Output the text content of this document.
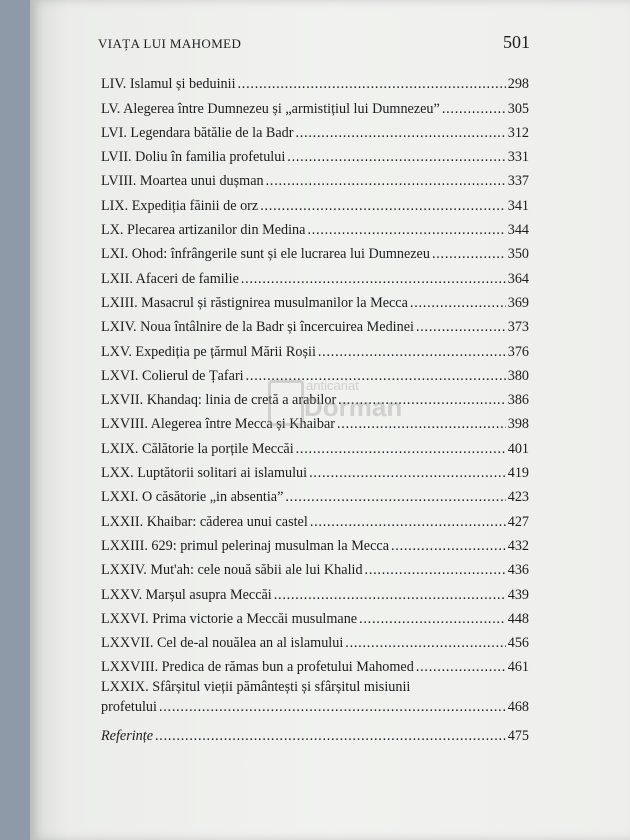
VIAȚA LUI MAHOMED	501
LIV. Islamul și beduinii . . .	298
LV. Alegerea între Dumnezeu și „armistițiul lui Dumnezeu” . . .	305
LVI. Legendara bătălie de la Badr . . .	312
LVII. Doliu în familia profetului . . .	331
LVIII. Moartea unui dușman . . .	337
LIX. Expediția făinii de orz . . .	341
LX. Plecarea artizanilor din Medina . . .	344
LXI. Ohod: înfrângerile sunt și ele lucrarea lui Dumnezeu . . .	350
LXII. Afaceri de familie . . .	364
LXIII. Masacrul și răstignirea musulmanilor la Mecca . . .	369
LXIV. Noua întâlnire de la Badr și încercuirea Medinei . . .	373
LXV. Expediția pe țărmul Mării Roșii . . .	376
LXVI. Colierul de Țafari . . .	380
LXVII. Khandaq: linia de cretă a arabilor . . .	386
LXVIII. Alegerea între Mecca și Khaibar . . .	398
LXIX. Călătorie la porțile Meccăi . . .	401
LXX. Luptătorii solitari ai islamului . . .	419
LXXI. O căsătorie „in absentia” . . .	423
LXXII. Khaibar: căderea unui castel . . .	427
LXXIII. 629: primul pelerinaj musulman la Mecca . . .	432
LXXIV. Mut'ah: cele nouă săbii ale lui Khalid . . .	436
LXXV. Marșul asupra Meccăi . . .	439
LXXVI. Prima victorie a Meccăi musulmane . . .	448
LXXVII. Cel de-al nouălea an al islamului . . .	456
LXXVIII. Predica de rămas bun a profetului Mahomed . . .	461
LXXIX. Sfârșitul vieții pământești și sfârșitul misiunii
profetului . . .	468
Referințe . . .	475
anticariat
Dorman
